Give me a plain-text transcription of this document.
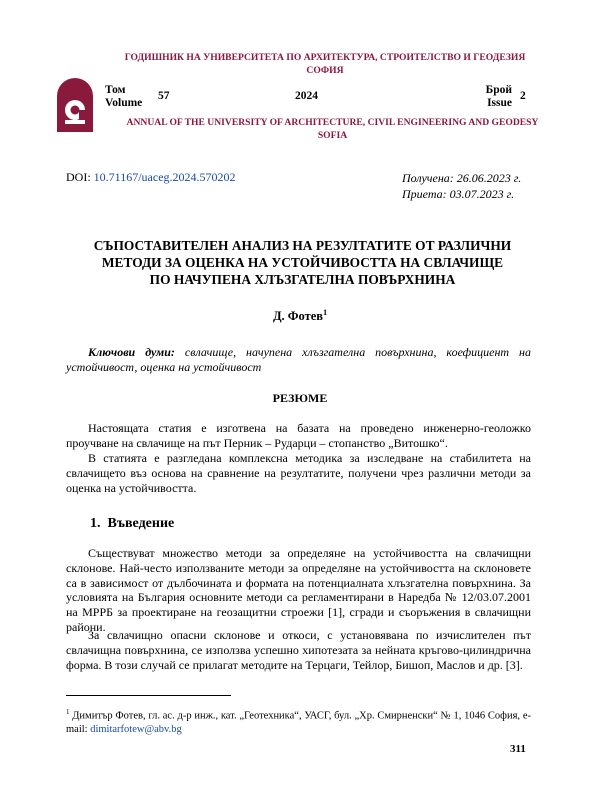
ГОДИШНИК НА УНИВЕРСИТЕТА ПО АРХИТЕКТУРА, СТРОИТЕЛСТВО И ГЕОДЕЗИЯ
СОФИЯ
Том
Volume
57	2024	Брой
Issue
2
ANNUAL OF THE UNIVERSITY OF ARCHITECTURE, CIVIL ENGINEERING AND GEODESY
SOFIA
DOI: 10.71167/uaceg.2024.570202	Получена: 26.06.2023 г.
Приета: 03.07.2023 г.
СЪПОСТАВИТЕЛЕН АНАЛИЗ НА РЕЗУЛТАТИТЕ ОТ РАЗЛИЧНИ
МЕТОДИ ЗА ОЦЕНКА НА УСТОЙЧИВОСТТА НА СВЛАЧИЩЕ
ПО НАЧУПЕНА ХЛЪЗГАТЕЛНА ПОВЪРХНИНА
Д. Фотев$^1$
Ключови думи: свлачище, начупена хлъзгателна повърхнина, коефициент на устойчивост, оценка на устойчивост
РЕЗЮМЕ
Настоящата статия е изготвена на базата на проведено инженерно-геоложко проучване на свлачище на път Перник – Рударци – стопанство „Витошко“.
В статията е разгледана комплексна методика за изследване на стабилитета на свлачището въз основа на сравнение на резултатите, получени чрез различни методи за оценка на устойчивостта.
1. Въведение
Съществуват множество методи за определяне на устойчивостта на свлачищни склонове. Най-често използваните методи за определяне на устойчивостта на склоновете са в зависимост от дълбочината и формата на потенциалната хлъзгателна повърхнина. За условията на България основните методи са регламентирани в Наредба № 12/03.07.2001 на МРРБ за проектиране на геозащитни строежи [1], сгради и съоръжения в свлачищни райони.
За свлачищно опасни склонове и откоси, с установявана по изчислителен път свлачищна повърхнина, се използва успешно хипотезата за нейната кръгово-цилиндрична форма. В този случай се прилагат методите на Терцаги, Тейлор, Бишоп, Маслов и др. [3].
$^1$ Димитър Фотев, гл. ас. д-р инж., кат. „Геотехника“, УАСГ, бул. „Хр. Смирненски“ № 1, 1046 София, e-mail: dimitarfotew@abv.bg
311
